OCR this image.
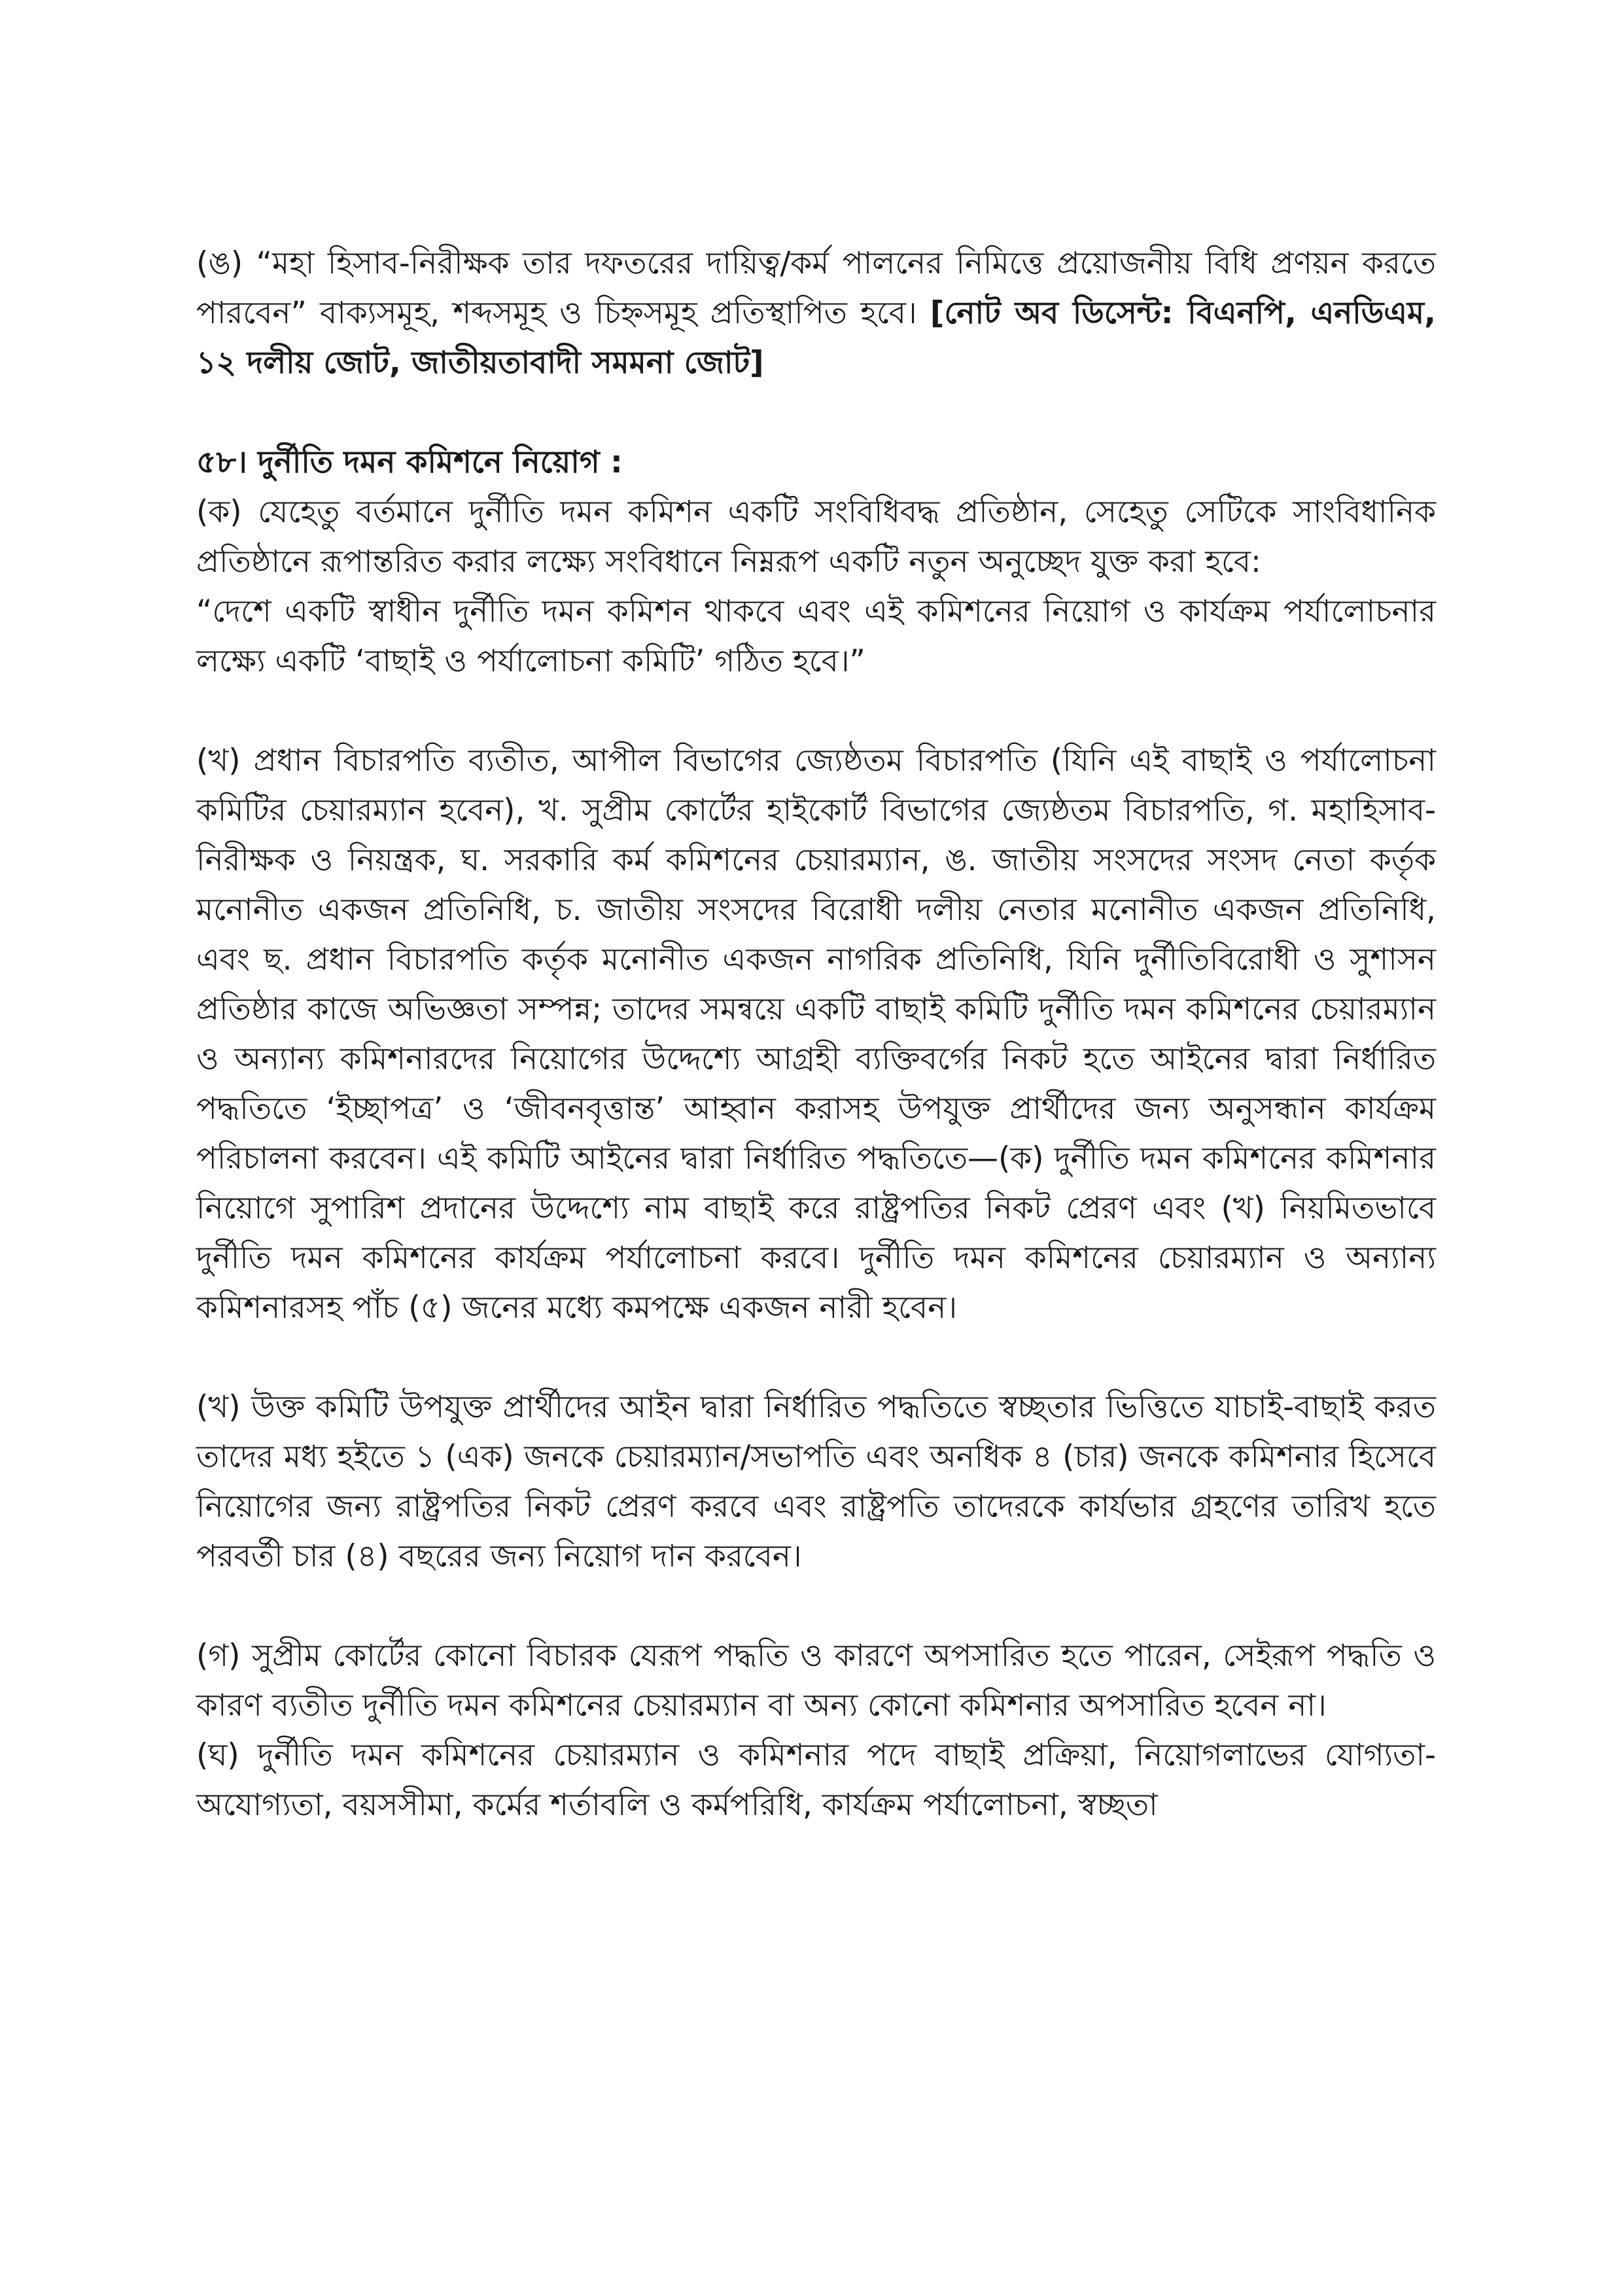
(ঙ) “মহা হিসাব-নিরীক্ষক তার দফতরের দায়িত্ব/কর্ম পালনের নিমিত্তে প্রয়োজনীয় বিধি প্রণয়ন করতে পারবেন” বাক্যসমূহ, শব্দসমূহ ও চিহ্নসমূহ প্রতিস্থাপিত হবে। [নোট অব ডিসেন্ট: বিএনপি, এনডিএম, ১২ দলীয় জোট, জাতীয়তাবাদী সমমনা জোট]

৫৮। দুর্নীতি দমন কমিশনে নিয়োগ :

(ক) যেহেতু বর্তমানে দুর্নীতি দমন কমিশন একটি সংবিধিবদ্ধ প্রতিষ্ঠান, সেহেতু সেটিকে সাংবিধানিক প্রতিষ্ঠানে রূপান্তরিত করার লক্ষ্যে সংবিধানে নিম্নরূপ একটি নতুন অনুচ্ছেদ যুক্ত করা হবে:

“দেশে একটি স্বাধীন দুর্নীতি দমন কমিশন থাকবে এবং এই কমিশনের নিয়োগ ও কার্যক্রম পর্যালোচনার লক্ষ্যে একটি ‘বাছাই ও পর্যালোচনা কমিটি’ গঠিত হবে।”

(খ) প্রধান বিচারপতি ব্যতীত, আপীল বিভাগের জ্যেষ্ঠতম বিচারপতি (যিনি এই বাছাই ও পর্যালোচনা কমিটির চেয়ারম্যান হবেন), খ. সুপ্রীম কোর্টের হাইকোর্ট বিভাগের জ্যেষ্ঠতম বিচারপতি, গ. মহাহিসাব-নিরীক্ষক ও নিয়ন্ত্রক, ঘ. সরকারি কর্ম কমিশনের চেয়ারম্যান, ঙ. জাতীয় সংসদের সংসদ নেতা কর্তৃক মনোনীত একজন প্রতিনিধি, চ. জাতীয় সংসদের বিরোধী দলীয় নেতার মনোনীত একজন প্রতিনিধি, এবং ছ. প্রধান বিচারপতি কর্তৃক মনোনীত একজন নাগরিক প্রতিনিধি, যিনি দুর্নীতিবিরোধী ও সুশাসন প্রতিষ্ঠার কাজে অভিজ্ঞতা সম্পন্ন; তাদের সমন্বয়ে একটি বাছাই কমিটি দুর্নীতি দমন কমিশনের চেয়ারম্যান ও অন্যান্য কমিশনারদের নিয়োগের উদ্দেশ্যে আগ্রহী ব্যক্তিবর্গের নিকট হতে আইনের দ্বারা নির্ধারিত পদ্ধতিতে ‘ইচ্ছাপত্র’ ও ‘জীবনবৃত্তান্ত’ আহ্বান করাসহ উপযুক্ত প্রার্থীদের জন্য অনুসন্ধান কার্যক্রম পরিচালনা করবেন। এই কমিটি আইনের দ্বারা নির্ধারিত পদ্ধতিতে—(ক) দুর্নীতি দমন কমিশনের কমিশনার নিয়োগে সুপারিশ প্রদানের উদ্দেশ্যে নাম বাছাই করে রাষ্ট্রপতির নিকট প্রেরণ এবং (খ) নিয়মিতভাবে দুর্নীতি দমন কমিশনের কার্যক্রম পর্যালোচনা করবে। দুর্নীতি দমন কমিশনের চেয়ারম্যান ও অন্যান্য কমিশনারসহ পাঁচ (৫) জনের মধ্যে কমপক্ষে একজন নারী হবেন।

(খ) উক্ত কমিটি উপযুক্ত প্রার্থীদের আইন দ্বারা নির্ধারিত পদ্ধতিতে স্বচ্ছতার ভিত্তিতে যাচাই-বাছাই করত তাদের মধ্য হইতে ১ (এক) জনকে চেয়ারম্যান/সভাপতি এবং অনধিক ৪ (চার) জনকে কমিশনার হিসেবে নিয়োগের জন্য রাষ্ট্রপতির নিকট প্রেরণ করবে এবং রাষ্ট্রপতি তাদেরকে কার্যভার গ্রহণের তারিখ হতে পরবর্তী চার (৪) বছরের জন্য নিয়োগ দান করবেন।

(গ) সুপ্রীম কোর্টের কোনো বিচারক যেরূপ পদ্ধতি ও কারণে অপসারিত হতে পারেন, সেইরূপ পদ্ধতি ও কারণ ব্যতীত দুর্নীতি দমন কমিশনের চেয়ারম্যান বা অন্য কোনো কমিশনার অপসারিত হবেন না।

(ঘ) দুর্নীতি দমন কমিশনের চেয়ারম্যান ও কমিশনার পদে বাছাই প্রক্রিয়া, নিয়োগলাভের যোগ্যতা-অযোগ্যতা, বয়সসীমা, কর্মের শর্তাবলি ও কর্মপরিধি, কার্যক্রম পর্যালোচনা, স্বচ্ছতা
